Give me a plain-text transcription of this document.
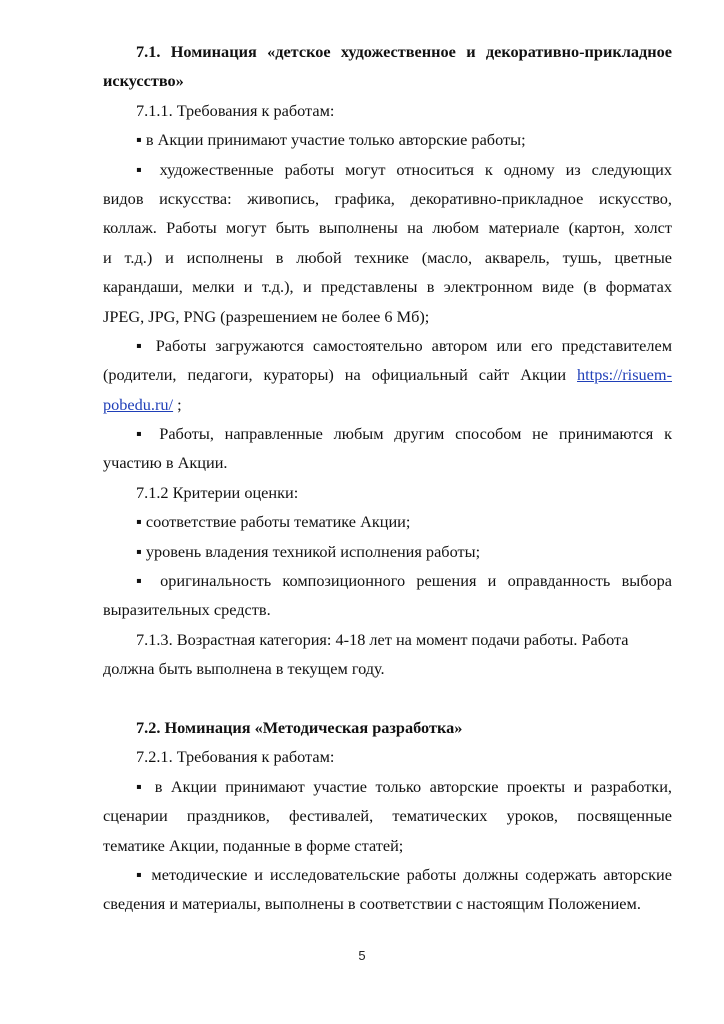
7.1. Номинация «детское художественное и декоративно-прикладное
искусство»
7.1.1. Требования к работам:
▪ в Акции принимают участие только авторские работы;
▪ художественные работы могут относиться к одному из следующих
видов искусства: живопись, графика, декоративно-прикладное искусство,
коллаж. Работы могут быть выполнены на любом материале (картон, холст
и т.д.) и исполнены в любой технике (масло, акварель, тушь, цветные
карандаши, мелки и т.д.), и представлены в электронном виде (в форматах
JPEG, JPG, PNG (разрешением не более 6 Мб);
▪ Работы загружаются самостоятельно автором или его представителем
(родители, педагоги, кураторы) на официальный сайт Акции https://risuem-
pobedu.ru/ ;
▪ Работы, направленные любым другим способом не принимаются к
участию в Акции.
7.1.2 Критерии оценки:
▪ соответствие работы тематике Акции;
▪ уровень владения техникой исполнения работы;
▪ оригинальность композиционного решения и оправданность выбора
выразительных средств.
7.1.3. Возрастная категория: 4-18 лет на момент подачи работы. Работа
должна быть выполнена в текущем году.
7.2. Номинация «Методическая разработка»
7.2.1. Требования к работам:
▪ в Акции принимают участие только авторские проекты и разработки,
сценарии праздников, фестивалей, тематических уроков, посвященные
тематике Акции, поданные в форме статей;
▪ методические и исследовательские работы должны содержать авторские
сведения и материалы, выполнены в соответствии с настоящим Положением.
5
